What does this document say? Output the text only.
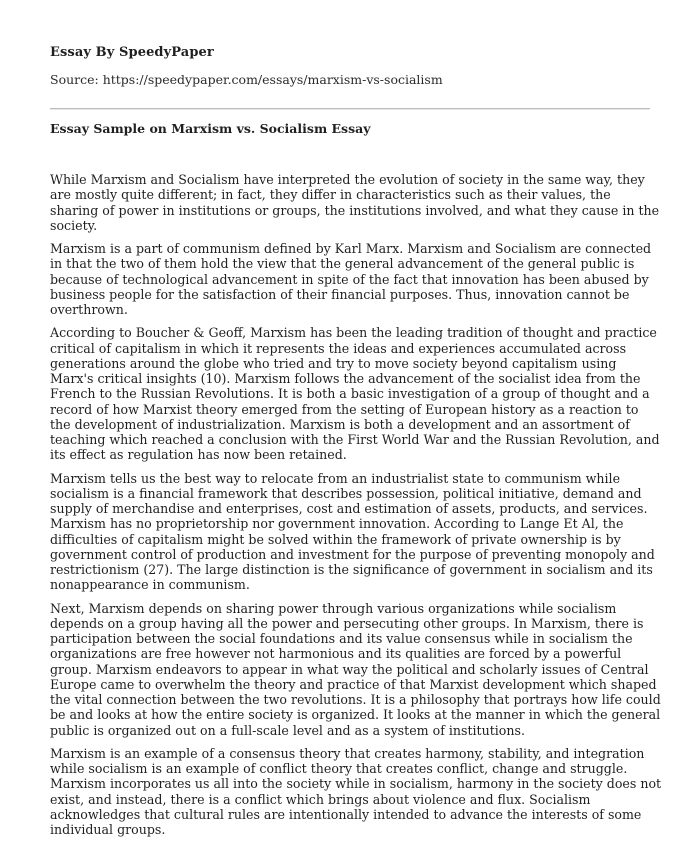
Essay By SpeedyPaper
Source: https://speedypaper.com/essays/marxism-vs-socialism
Essay Sample on Marxism vs. Socialism Essay

While Marxism and Socialism have interpreted the evolution of society in the same way, they are mostly quite different; in fact, they differ in characteristics such as their values, the sharing of power in institutions or groups, the institutions involved, and what they cause in the society.

Marxism is a part of communism defined by Karl Marx. Marxism and Socialism are connected in that the two of them hold the view that the general advancement of the general public is because of technological advancement in spite of the fact that innovation has been abused by business people for the satisfaction of their financial purposes. Thus, innovation cannot be overthrown.

According to Boucher & Geoff, Marxism has been the leading tradition of thought and practice critical of capitalism in which it represents the ideas and experiences accumulated across generations around the globe who tried and try to move society beyond capitalism using Marx's critical insights (10). Marxism follows the advancement of the socialist idea from the French to the Russian Revolutions. It is both a basic investigation of a group of thought and a record of how Marxist theory emerged from the setting of European history as a reaction to the development of industrialization. Marxism is both a development and an assortment of teaching which reached a conclusion with the First World War and the Russian Revolution, and its effect as regulation has now been retained.

Marxism tells us the best way to relocate from an industrialist state to communism while socialism is a financial framework that describes possession, political initiative, demand and supply of merchandise and enterprises, cost and estimation of assets, products, and services. Marxism has no proprietorship nor government innovation. According to Lange Et Al, the difficulties of capitalism might be solved within the framework of private ownership is by government control of production and investment for the purpose of preventing monopoly and restrictionism (27). The large distinction is the significance of government in socialism and its nonappearance in communism.

Next, Marxism depends on sharing power through various organizations while socialism depends on a group having all the power and persecuting other groups. In Marxism, there is participation between the social foundations and its value consensus while in socialism the organizations are free however not harmonious and its qualities are forced by a powerful group. Marxism endeavors to appear in what way the political and scholarly issues of Central Europe came to overwhelm the theory and practice of that Marxist development which shaped the vital connection between the two revolutions. It is a philosophy that portrays how life could be and looks at how the entire society is organized. It looks at the manner in which the general public is organized out on a full-scale level and as a system of institutions.

Marxism is an example of a consensus theory that creates harmony, stability, and integration while socialism is an example of conflict theory that creates conflict, change and struggle. Marxism incorporates us all into the society while in socialism, harmony in the society does not exist, and instead, there is a conflict which brings about violence and flux. Socialism acknowledges that cultural rules are intentionally intended to advance the interests of some individual groups.
